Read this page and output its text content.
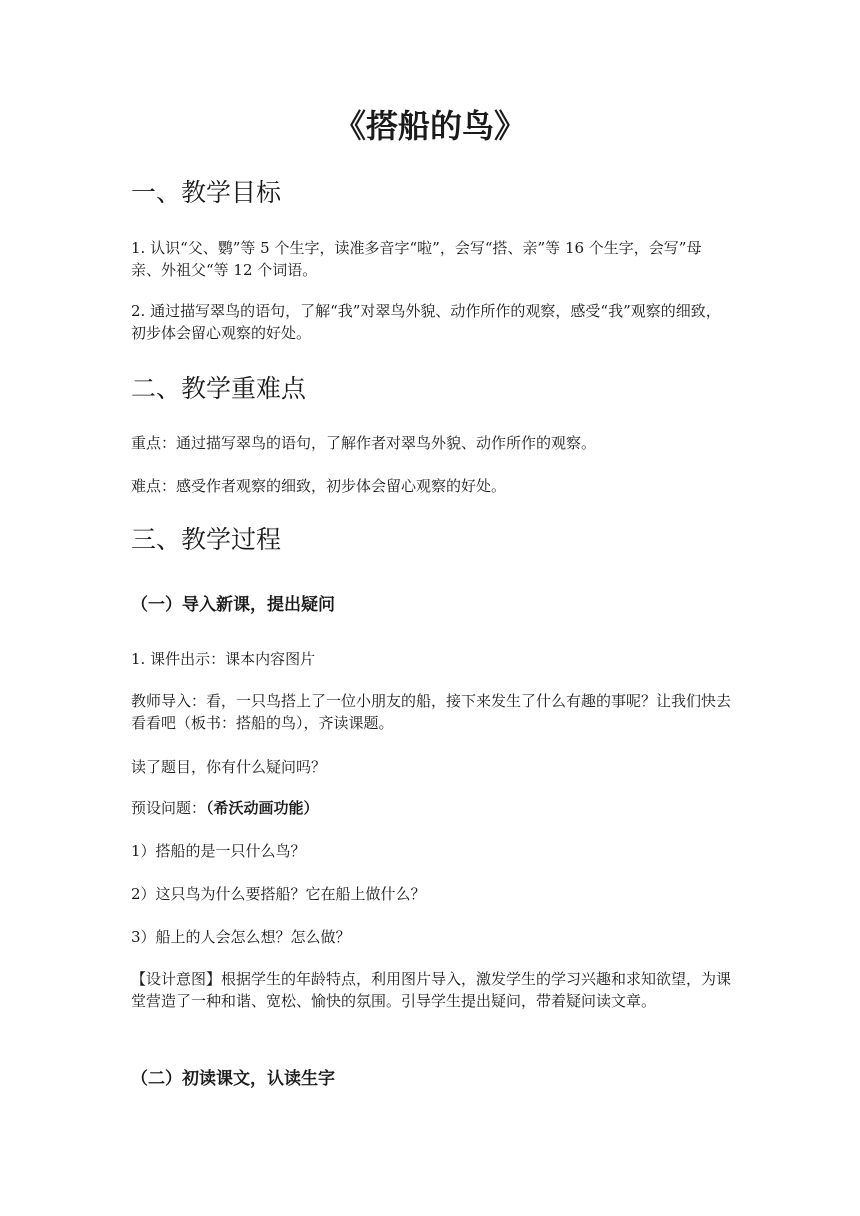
《搭船的鸟》
一、教学目标

1. 认识“父、鹦”等 5 个生字，读准多音字“啦”，会写“搭、亲”等 16 个生字，会写”母亲、外祖父“等 12 个词语。

2. 通过描写翠鸟的语句，了解“我”对翠鸟外貌、动作所作的观察，感受“我”观察的细致，初步体会留心观察的好处。

二、教学重难点

重点：通过描写翠鸟的语句，了解作者对翠鸟外貌、动作所作的观察。

难点：感受作者观察的细致，初步体会留心观察的好处。

三、教学过程
（一）导入新课，提出疑问

1. 课件出示：课本内容图片

教师导入：看，一只鸟搭上了一位小朋友的船，接下来发生了什么有趣的事呢？让我们快去看看吧（板书：搭船的鸟），齐读课题。

读了题目，你有什么疑问吗？

预设问题：（希沃动画功能）

1）搭船的是一只什么鸟？

2）这只鸟为什么要搭船？它在船上做什么？

3）船上的人会怎么想？怎么做？

【设计意图】根据学生的年龄特点，利用图片导入，激发学生的学习兴趣和求知欲望，为课堂营造了一种和谐、宽松、愉快的氛围。引导学生提出疑问，带着疑问读文章。

（二）初读课文，认读生字
